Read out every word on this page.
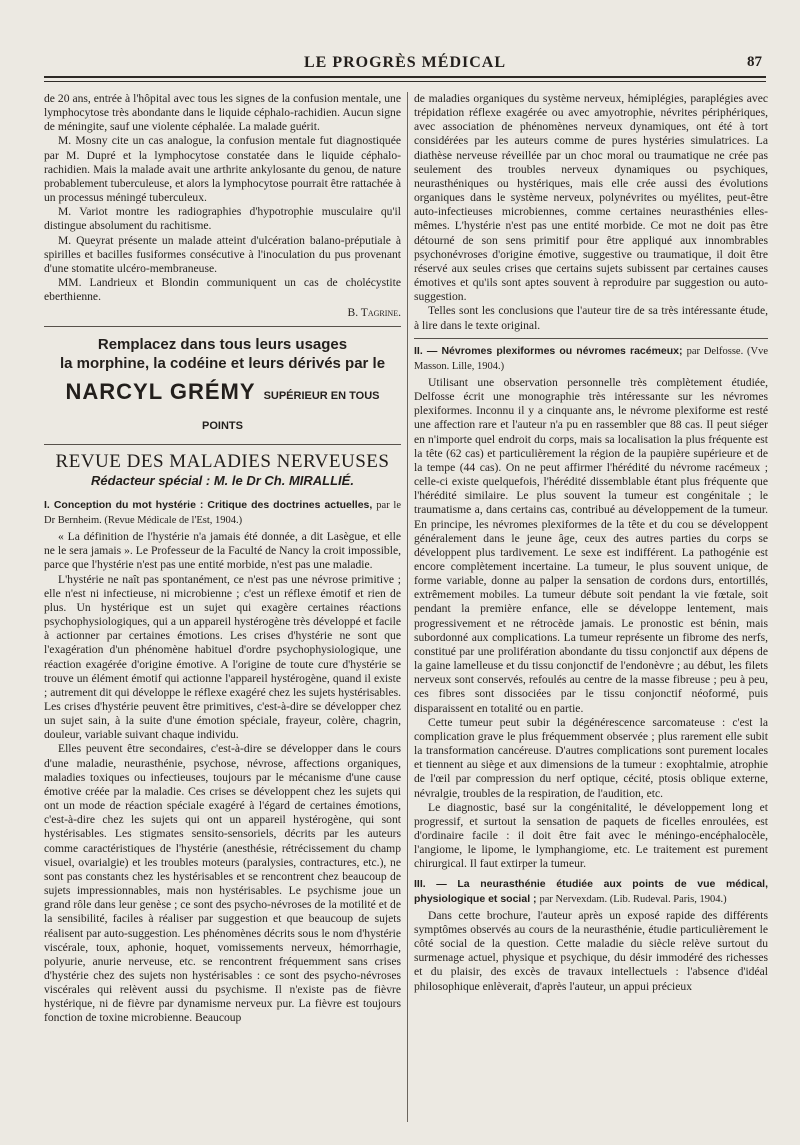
LE PROGRÈS MÉDICAL	87

de 20 ans, entrée à l'hôpital avec tous les signes de la confusion mentale, une lymphocytose très abondante dans le liquide céphalo-rachidien. Aucun signe de méningite, sauf une violente céphalée. La malade guérit.

M. Mosny cite un cas analogue, la confusion mentale fut diagnostiquée par M. Dupré et la lymphocytose constatée dans le liquide céphalo-rachidien. Mais la malade avait une arthrite ankylosante du genou, de nature probablement tuberculeuse, et alors la lymphocytose pourrait être rattachée à un processus méningé tuberculeux.

M. Variot montre les radiographies d'hypotrophie musculaire qu'il distingue absolument du rachitisme.

M. Queyrat présente un malade atteint d'ulcération balano-préputiale à spirilles et bacilles fusiformes consécutive à l'inoculation du pus provenant d'une stomatite ulcéro-membraneuse.

MM. Landrieux et Blondin communiquent un cas de cholécystite eberthienne.

B. Tagrine.
Remplacez dans tous leurs usages
la morphine, la codéine et leurs dérivés par le
NARCYL GRÉMY SUPÉRIEUR EN TOUS POINTS
REVUE DES MALADIES NERVEUSES
Rédacteur spécial : M. le Dr Ch. MIRALLIÉ.

I. Conception du mot hystérie : Critique des doctrines actuelles, par le Dr Bernheim. (Revue Médicale de l'Est, 1904.)

« La définition de l'hystérie n'a jamais été donnée, a dit Lasègue, et elle ne le sera jamais ». Le Professeur de la Faculté de Nancy la croit impossible, parce que l'hystérie n'est pas une entité morbide, n'est pas une maladie.

L'hystérie ne naît pas spontanément, ce n'est pas une névrose primitive ; elle n'est ni infectieuse, ni microbienne ; c'est un réflexe émotif et rien de plus. Un hystérique est un sujet qui exagère certaines réactions psychophysiologiques, qui a un appareil hystérogène très développé et facile à actionner par certaines émotions. Les crises d'hystérie ne sont que l'exagération d'un phénomène habituel d'ordre psychophysiologique, une réaction exagérée d'origine émotive. A l'origine de toute cure d'hystérie se trouve un élément émotif qui actionne l'appareil hystérogène, quand il existe ; autrement dit qui développe le réflexe exagéré chez les sujets hystérisables. Les crises d'hystérie peuvent être primitives, c'est-à-dire se développer chez un sujet sain, à la suite d'une émotion spéciale, frayeur, colère, chagrin, douleur, variable suivant chaque individu.

Elles peuvent être secondaires, c'est-à-dire se développer dans le cours d'une maladie, neurasthénie, psychose, névrose, affections organiques, maladies toxiques ou infectieuses, toujours par le mécanisme d'une cause émotive créée par la maladie. Ces crises se développent chez les sujets qui ont un mode de réaction spéciale exagéré à l'égard de certaines émotions, c'est-à-dire chez les sujets qui ont un appareil hystérogène, qui sont hystérisables. Les stigmates sensito-sensoriels, décrits par les auteurs comme caractéristiques de l'hystérie (anesthésie, rétrécissement du champ visuel, ovarialgie) et les troubles moteurs (paralysies, contractures, etc.), ne sont pas constants chez les hystérisables et se rencontrent chez beaucoup de sujets impressionnables, mais non hystérisables. Le psychisme joue un grand rôle dans leur genèse ; ce sont des psycho-névroses de la motilité et de la sensibilité, faciles à réaliser par suggestion et que beaucoup de sujets réalisent par auto-suggestion. Les phénomènes décrits sous le nom d'hystérie viscérale, toux, aphonie, hoquet, vomissements nerveux, hémorrhagie, polyurie, anurie nerveuse, etc. se rencontrent fréquemment sans crises d'hystérie chez des sujets non hystérisables : ce sont des psycho-névroses viscérales qui relèvent aussi du psychisme. Il n'existe pas de fièvre hystérique, ni de fièvre par dynamisme nerveux pur. La fièvre est toujours fonction de toxine microbienne. Beaucoup

de maladies organiques du système nerveux, hémiplégies, paraplégies avec trépidation réflexe exagérée ou avec amyotrophie, névrites périphériques, avec association de phénomènes nerveux dynamiques, ont été à tort considérées par les auteurs comme de pures hystéries simulatrices. La diathèse nerveuse réveillée par un choc moral ou traumatique ne crée pas seulement des troubles nerveux dynamiques ou psychiques, neurasthéniques ou hystériques, mais elle crée aussi des évolutions organiques dans le système nerveux, polynévrites ou myélites, peut-être auto-infectieuses microbiennes, comme certaines neurasthénies elles-mêmes. L'hystérie n'est pas une entité morbide. Ce mot ne doit pas être détourné de son sens primitif pour être appliqué aux innombrables psychonévroses d'origine émotive, suggestive ou traumatique, il doit être réservé aux seules crises que certains sujets subissent par certaines causes émotives et qu'ils sont aptes souvent à reproduire par suggestion ou auto-suggestion.

Telles sont les conclusions que l'auteur tire de sa très intéressante étude, à lire dans le texte original.

II. — Névromes plexiformes ou névromes racémeux; par Delfosse. (Vve Masson. Lille, 1904.)

Utilisant une observation personnelle très complètement étudiée, Delfosse écrit une monographie très intéressante sur les névromes plexiformes. Inconnu il y a cinquante ans, le névrome plexiforme est resté une affection rare et l'auteur n'a pu en rassembler que 88 cas. Il peut siéger en n'importe quel endroit du corps, mais sa localisation la plus fréquente est la tête (62 cas) et particulièrement la région de la paupière supérieure et de la tempe (44 cas). On ne peut affirmer l'hérédité du névrome racémeux ; celle-ci existe quelquefois, l'hérédité dissemblable étant plus fréquente que l'hérédité similaire. Le plus souvent la tumeur est congénitale ; le traumatisme a, dans certains cas, contribué au développement de la tumeur. En principe, les névromes plexiformes de la tête et du cou se développent généralement dans le jeune âge, ceux des autres parties du corps se développent plus tardivement. Le sexe est indifférent. La pathogénie est encore complètement incertaine. La tumeur, le plus souvent unique, de forme variable, donne au palper la sensation de cordons durs, entortillés, extrêmement mobiles. La tumeur débute soit pendant la vie fœtale, soit pendant la première enfance, elle se développe lentement, mais progressivement et ne rétrocède jamais. Le pronostic est bénin, mais subordonné aux complications. La tumeur représente un fibrome des nerfs, constitué par une prolifération abondante du tissu conjonctif aux dépens de la gaine lamelleuse et du tissu conjonctif de l'endonèvre ; au début, les filets nerveux sont conservés, refoulés au centre de la masse fibreuse ; peu à peu, ces fibres sont dissociées par le tissu conjonctif néoformé, puis disparaissent en totalité ou en partie.

Cette tumeur peut subir la dégénérescence sarcomateuse : c'est la complication grave le plus fréquemment observée ; plus rarement elle subit la transformation cancéreuse. D'autres complications sont purement locales et tiennent au siège et aux dimensions de la tumeur : exophtalmie, atrophie de l'œil par compression du nerf optique, cécité, ptosis oblique externe, névralgie, troubles de la respiration, de l'audition, etc.

Le diagnostic, basé sur la congénitalité, le développement long et progressif, et surtout la sensation de paquets de ficelles enroulées, est d'ordinaire facile : il doit être fait avec le méningo-encéphalocèle, l'angiome, le lipome, le lymphangiome, etc. Le traitement est purement chirurgical. Il faut extirper la tumeur.

III. — La neurasthénie étudiée aux points de vue médical, physiologique et social ; par Nervexdam. (Lib. Rudeval. Paris, 1904.)

Dans cette brochure, l'auteur après un exposé rapide des différents symptômes observés au cours de la neurasthénie, étudie particulièrement le côté social de la question. Cette maladie du siècle relève surtout du surmenage actuel, physique et psychique, du désir immodéré des richesses et du plaisir, des excès de travaux intellectuels : l'absence d'idéal philosophique enlèverait, d'après l'auteur, un appui précieux
